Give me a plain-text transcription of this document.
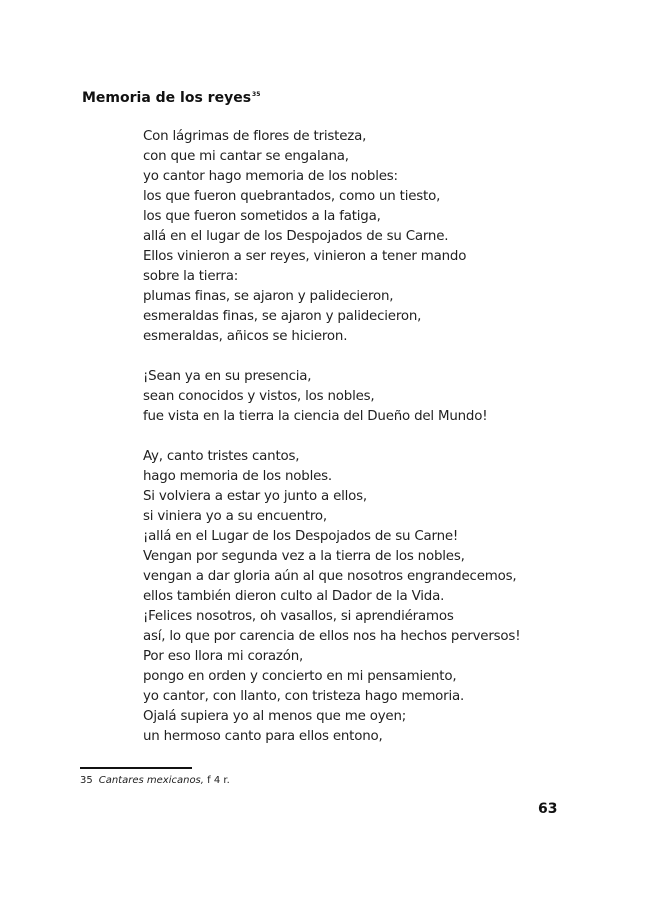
Memoria de los reyes$^{35}$
Con lágrimas de flores de tristeza,
con que mi cantar se engalana,
yo cantor hago memoria de los nobles:
los que fueron quebrantados, como un tiesto,
los que fueron sometidos a la fatiga,
allá en el lugar de los Despojados de su Carne.
Ellos vinieron a ser reyes, vinieron a tener mando
sobre la tierra:
plumas finas, se ajaron y palidecieron,
esmeraldas finas, se ajaron y palidecieron,
esmeraldas, añicos se hicieron.
¡Sean ya en su presencia,
sean conocidos y vistos, los nobles,
fue vista en la tierra la ciencia del Dueño del Mundo!
Ay, canto tristes cantos,
hago memoria de los nobles.
Si volviera a estar yo junto a ellos,
si viniera yo a su encuentro,
¡allá en el Lugar de los Despojados de su Carne!
Vengan por segunda vez a la tierra de los nobles,
vengan a dar gloria aún al que nosotros engrandecemos,
ellos también dieron culto al Dador de la Vida.
¡Felices nosotros, oh vasallos, si aprendiéramos
así, lo que por carencia de ellos nos ha hechos perversos!
Por eso llora mi corazón,
pongo en orden y concierto en mi pensamiento,
yo cantor, con llanto, con tristeza hago memoria.
Ojalá supiera yo al menos que me oyen;
un hermoso canto para ellos entono,
35 Cantares mexicanos, f 4 r.
63
